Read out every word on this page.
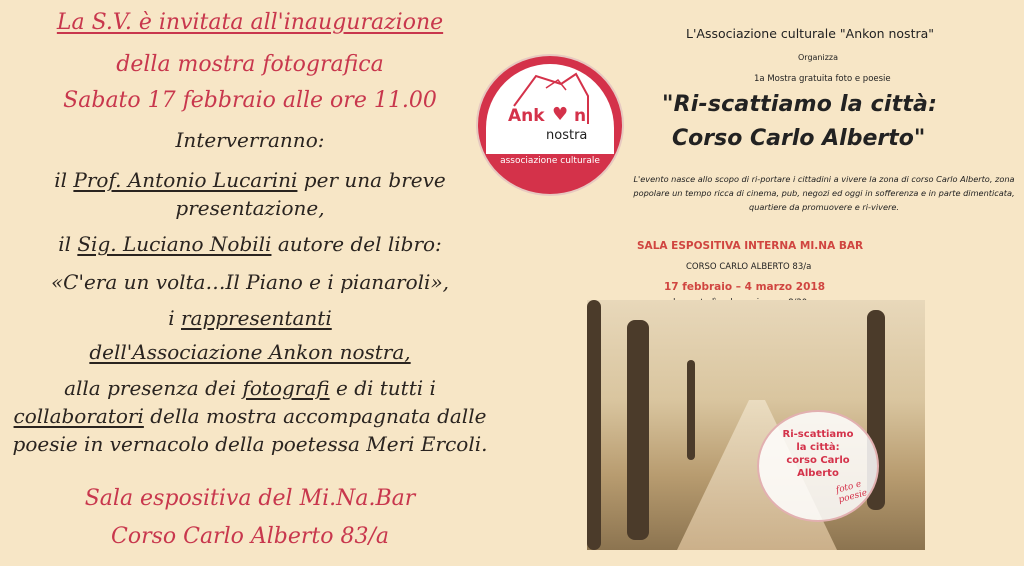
La S.V. è invitata all'inaugurazione
della mostra fotografica
Sabato 17 febbraio alle ore 11.00
Interverranno:
il Prof. Antonio Lucarini per una breve
presentazione,
il Sig. Luciano Nobili autore del libro:
«C'era un volta…Il Piano e i pianaroli»,
i rappresentanti
dell'Associazione Ankon nostra,
alla presenza dei fotografi e di tutti i
collaboratori della mostra accompagnata dalle
poesie in vernacolo della poetessa Meri Ercoli.
Sala espositiva del Mi.Na.Bar
Corso Carlo Alberto 83/a
Ank ♥ n
nostra
associazione culturale
L'Associazione culturale "Ankon nostra"
Organizza
1a Mostra gratuita foto e poesie
"Ri-scattiamo la città:
Corso Carlo Alberto"
L'evento nasce allo scopo di ri-portare i cittadini a vivere la zona di corso Carlo Alberto, zona popolare un tempo ricca di cinema, pub, negozi ed oggi in sofferenza e in parte dimenticata, quartiere da promuovere e ri-vivere.
SALA ESPOSITIVA INTERNA MI.NA BAR
CORSO CARLO ALBERTO 83/a
17 febbraio – 4 marzo 2018
Ri-scattiamo
la città:
corso Carlo
Alberto
foto e
poesie
